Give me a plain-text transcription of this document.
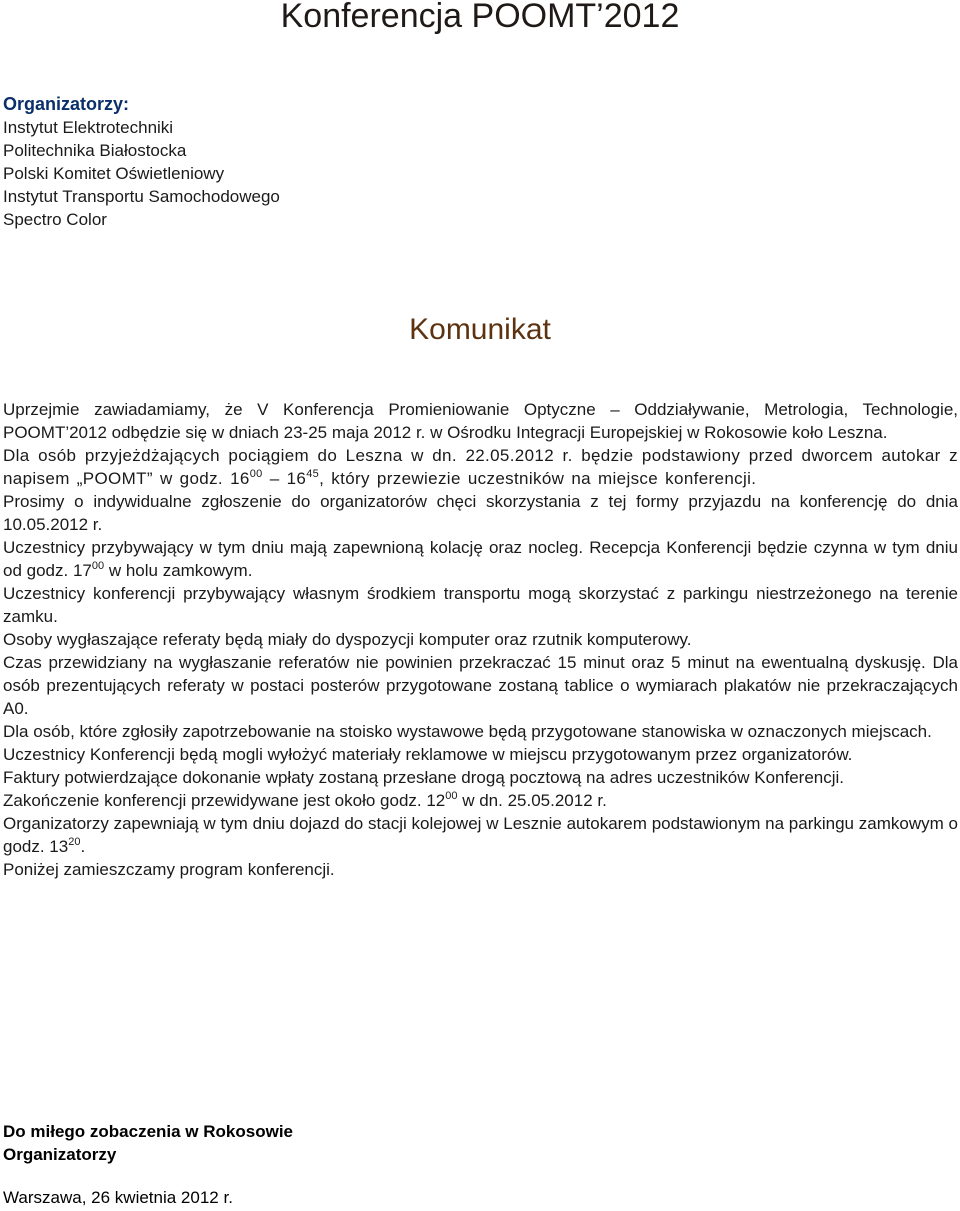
Konferencja POOMT’2012
Organizatorzy:
Instytut Elektrotechniki
Politechnika Białostocka
Polski Komitet Oświetleniowy
Instytut Transportu Samochodowego
Spectro Color
Komunikat

Uprzejmie zawiadamiamy, że V Konferencja Promieniowanie Optyczne – Oddziaływanie, Metrologia, Technologie, POOMT’2012 odbędzie się w dniach 23-25 maja 2012 r. w Ośrodku Integracji Europejskiej w Rokosowie koło Leszna.

Dla osób przyjeżdżających pociągiem do Leszna w dn. 22.05.2012 r. będzie podstawiony przed dworcem autokar z napisem „POOMT” w godz. $16^{00} - 16^{45}$, który przewiezie uczestników na miejsce konferencji.

Prosimy o indywidualne zgłoszenie do organizatorów chęci skorzystania z tej formy przyjazdu na konferencję do dnia 10.05.2012 r.

Uczestnicy przybywający w tym dniu mają zapewnioną kolację oraz nocleg. Recepcja Konferencji będzie czynna w tym dniu od godz. $17^{00}$ w holu zamkowym.

Uczestnicy konferencji przybywający własnym środkiem transportu mogą skorzystać z parkingu niestrzeżonego na terenie zamku.

Osoby wygłaszające referaty będą miały do dyspozycji komputer oraz rzutnik komputerowy.

Czas przewidziany na wygłaszanie referatów nie powinien przekraczać 15 minut oraz 5 minut na ewentualną dyskusję. Dla osób prezentujących referaty w postaci posterów przygotowane zostaną tablice o wymiarach plakatów nie przekraczających A0.

Dla osób, które zgłosiły zapotrzebowanie na stoisko wystawowe będą przygotowane stanowiska w oznaczonych miejscach.

Uczestnicy Konferencji będą mogli wyłożyć materiały reklamowe w miejscu przygotowanym przez organizatorów.

Faktury potwierdzające dokonanie wpłaty zostaną przesłane drogą pocztową na adres uczestników Konferencji.

Zakończenie konferencji przewidywane jest około godz. $12^{00}$ w dn. 25.05.2012 r.

Organizatorzy zapewniają w tym dniu dojazd do stacji kolejowej w Lesznie autokarem podstawionym na parkingu zamkowym o godz. $13^{20}$.

Poniżej zamieszczamy program konferencji.

Do miłego zobaczenia w Rokosowie
Organizatorzy
Warszawa, 26 kwietnia 2012 r.
